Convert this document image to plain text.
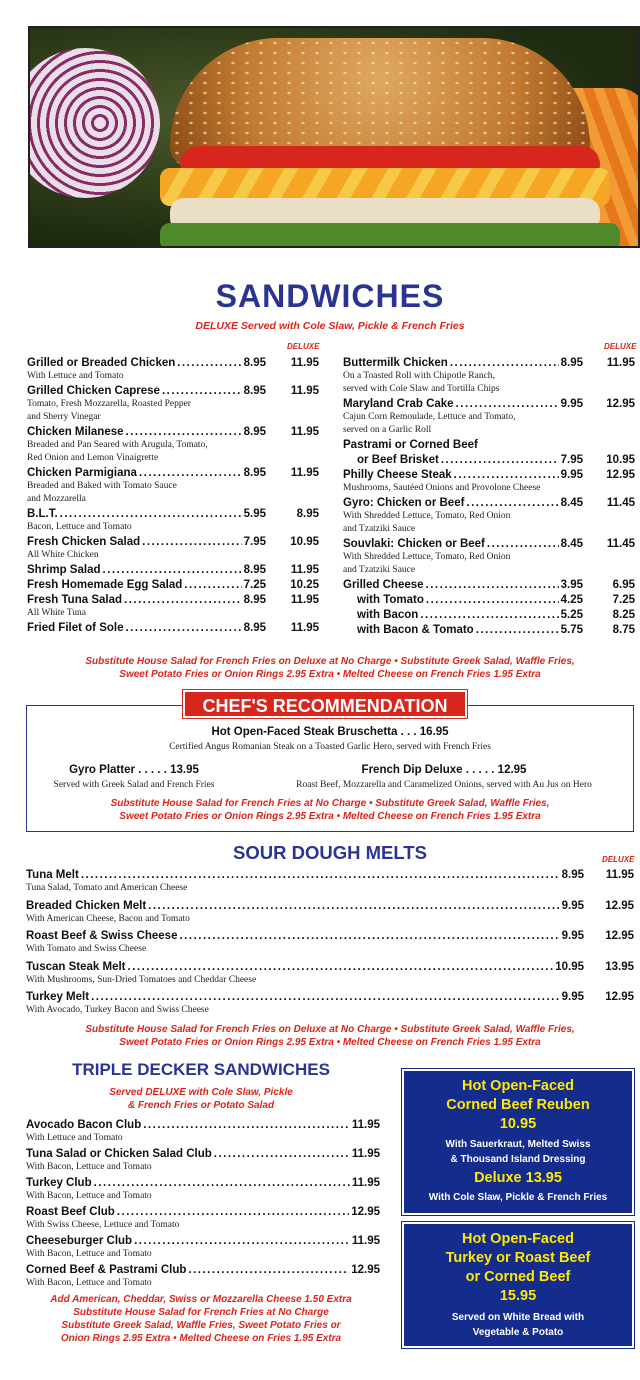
SANDWICHES
DELUXE Served with Cole Slaw, Pickle & French Fries
DELUXE	DELUXE
Grilled or Breaded Chicken .....	8.95	11.95
With Lettuce and Tomato
Grilled Chicken Caprese .....	8.95	11.95
Tomato, Fresh Mozzarella, Roasted Pepper
and Sherry Vinegar
Chicken Milanese .....	8.95	11.95
Breaded and Pan Seared with Arugula, Tomato,
Red Onion and Lemon Vinaigrette
Chicken Parmigiana .....	8.95	11.95
Breaded and Baked with Tomato Sauce
and Mozzarella
B.L.T. .....	5.95	8.95
Bacon, Lettuce and Tomato
Fresh Chicken Salad .....	7.95	10.95
All White Chicken
Shrimp Salad .....	8.95	11.95
Fresh Homemade Egg Salad .....	7.25	10.25
Fresh Tuna Salad .....	8.95	11.95
All White Tuna
Fried Filet of Sole .....	8.95	11.95
Buttermilk Chicken .....	8.95	11.95
On a Toasted Roll with Chipotle Ranch,
served with Cole Slaw and Tortilla Chips
Maryland Crab Cake .....	9.95	12.95
Cajun Corn Remoulade, Lettuce and Tomato,
served on a Garlic Roll
Pastrami or Corned Beef
or Beef Brisket .....	7.95	10.95
Philly Cheese Steak .....	9.95	12.95
Mushrooms, Sautéed Onions and Provolone Cheese
Gyro: Chicken or Beef .....	8.45	11.45
With Shredded Lettuce, Tomato, Red Onion
and Tzatziki Sauce
Souvlaki: Chicken or Beef .....	8.45	11.45
With Shredded Lettuce, Tomato, Red Onion
and Tzatziki Sauce
Grilled Cheese .....	3.95	6.95
with Tomato .....	4.25	7.25
with Bacon .....	5.25	8.25
with Bacon & Tomato .....	5.75	8.75
Substitute House Salad for French Fries on Deluxe at No Charge • Substitute Greek Salad, Waffle Fries,
Sweet Potato Fries or Onion Rings 2.95 Extra • Melted Cheese on French Fries 1.95 Extra
CHEF'S RECOMMENDATION
Hot Open-Faced Steak Bruschetta . . . 16.95
Certified Angus Romanian Steak on a Toasted Garlic Hero, served with French Fries
Gyro Platter . . . . . 13.95
Served with Greek Salad and French Fries
French Dip Deluxe . . . . . 12.95
Roast Beef, Mozzarella and Caramelized Onions, served with Au Jus on Hero
Substitute House Salad for French Fries at No Charge • Substitute Greek Salad, Waffle Fries,
Sweet Potato Fries or Onion Rings 2.95 Extra • Melted Cheese on French Fries 1.95 Extra
SOUR DOUGH MELTS	DELUXE
Tuna Melt .....	8.95	11.95
Tuna Salad, Tomato and American Cheese
Breaded Chicken Melt .....	9.95	12.95
With American Cheese, Bacon and Tomato
Roast Beef & Swiss Cheese .....	9.95	12.95
With Tomato and Swiss Cheese
Tuscan Steak Melt .....	10.95	13.95
With Mushrooms, Sun-Dried Tomatoes and Cheddar Cheese
Turkey Melt .....	9.95	12.95
With Avocado, Turkey Bacon and Swiss Cheese
Substitute House Salad for French Fries on Deluxe at No Charge • Substitute Greek Salad, Waffle Fries,
Sweet Potato Fries or Onion Rings 2.95 Extra • Melted Cheese on French Fries 1.95 Extra
TRIPLE DECKER SANDWICHES
Served DELUXE with Cole Slaw, Pickle
& French Fries or Potato Salad
Avocado Bacon Club .....	11.95
With Lettuce and Tomato
Tuna Salad or Chicken Salad Club .....	11.95
With Bacon, Lettuce and Tomato
Turkey Club .....	11.95
With Bacon, Lettuce and Tomato
Roast Beef Club .....	12.95
With Swiss Cheese, Lettuce and Tomato
Cheeseburger Club .....	11.95
With Bacon, Lettuce and Tomato
Corned Beef & Pastrami Club .....	12.95
With Bacon, Lettuce and Tomato
Add American, Cheddar, Swiss or Mozzarella Cheese 1.50 Extra
Substitute House Salad for French Fries at No Charge
Substitute Greek Salad, Waffle Fries, Sweet Potato Fries or
Onion Rings 2.95 Extra • Melted Cheese on Fries 1.95 Extra
Hot Open-Faced
Corned Beef Reuben
10.95
With Sauerkraut, Melted Swiss
& Thousand Island Dressing
Deluxe 13.95
With Cole Slaw, Pickle & French Fries
Hot Open-Faced
Turkey or Roast Beef
or Corned Beef
15.95
Served on White Bread with
Vegetable & Potato
